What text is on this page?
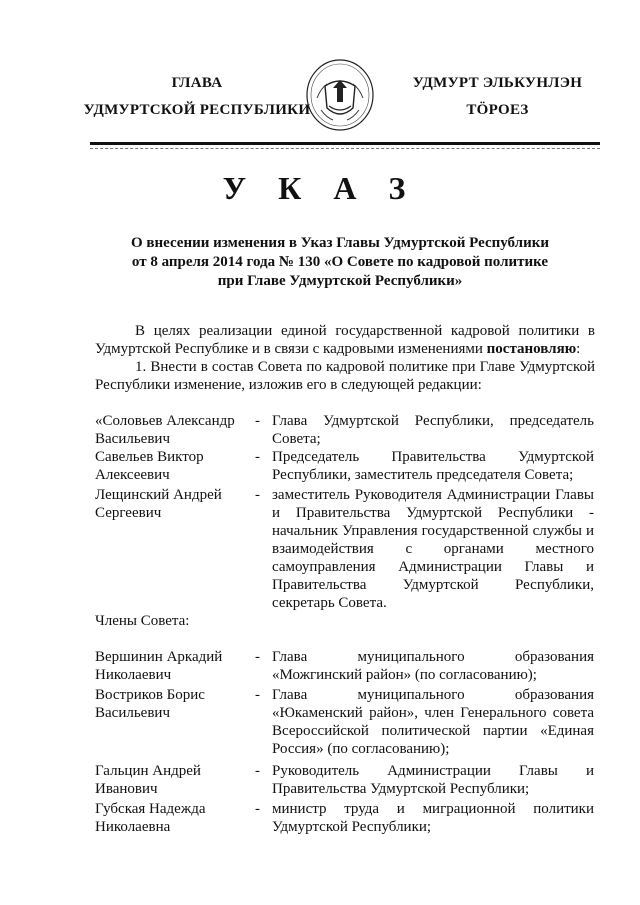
ГЛАВА
УДМУРТСКОЙ РЕСПУБЛИКИ
УДМУРТ ЭЛЬКУНЛЭН
ТӦРОЕЗ
У К А З
О внесении изменения в Указ Главы Удмуртской Республики
от 8 апреля 2014 года № 130 «О Совете по кадровой политике
при Главе Удмуртской Республики»
В целях реализации единой государственной кадровой политики в Удмуртской Республике и в связи с кадровыми изменениями постановляю:
1. Внести в состав Совета по кадровой политике при Главе Удмуртской Республики изменение, изложив его в следующей редакции:
«Соловьев Александр
Васильевич
- Глава Удмуртской Республики, председатель Совета;
Савельев Виктор
Алексеевич
- Председатель Правительства Удмуртской Республики, заместитель председателя Совета;
Лещинский Андрей
Сергеевич
- заместитель Руководителя Администрации Главы и Правительства Удмуртской Республики - начальник Управления государственной службы и взаимодействия с органами местного самоуправления Администрации Главы и Правительства Удмуртской Республики, секретарь Совета.
Члены Совета:
Вершинин Аркадий
Николаевич
- Глава муниципального образования «Можгинский район» (по согласованию);
Востриков Борис
Васильевич
- Глава муниципального образования «Юкаменский район», член Генерального совета Всероссийской политической партии «Единая Россия» (по согласованию);
Гальцин Андрей
Иванович
- Руководитель Администрации Главы и Правительства Удмуртской Республики;
Губская Надежда
Николаевна
- министр труда и миграционной политики Удмуртской Республики;
